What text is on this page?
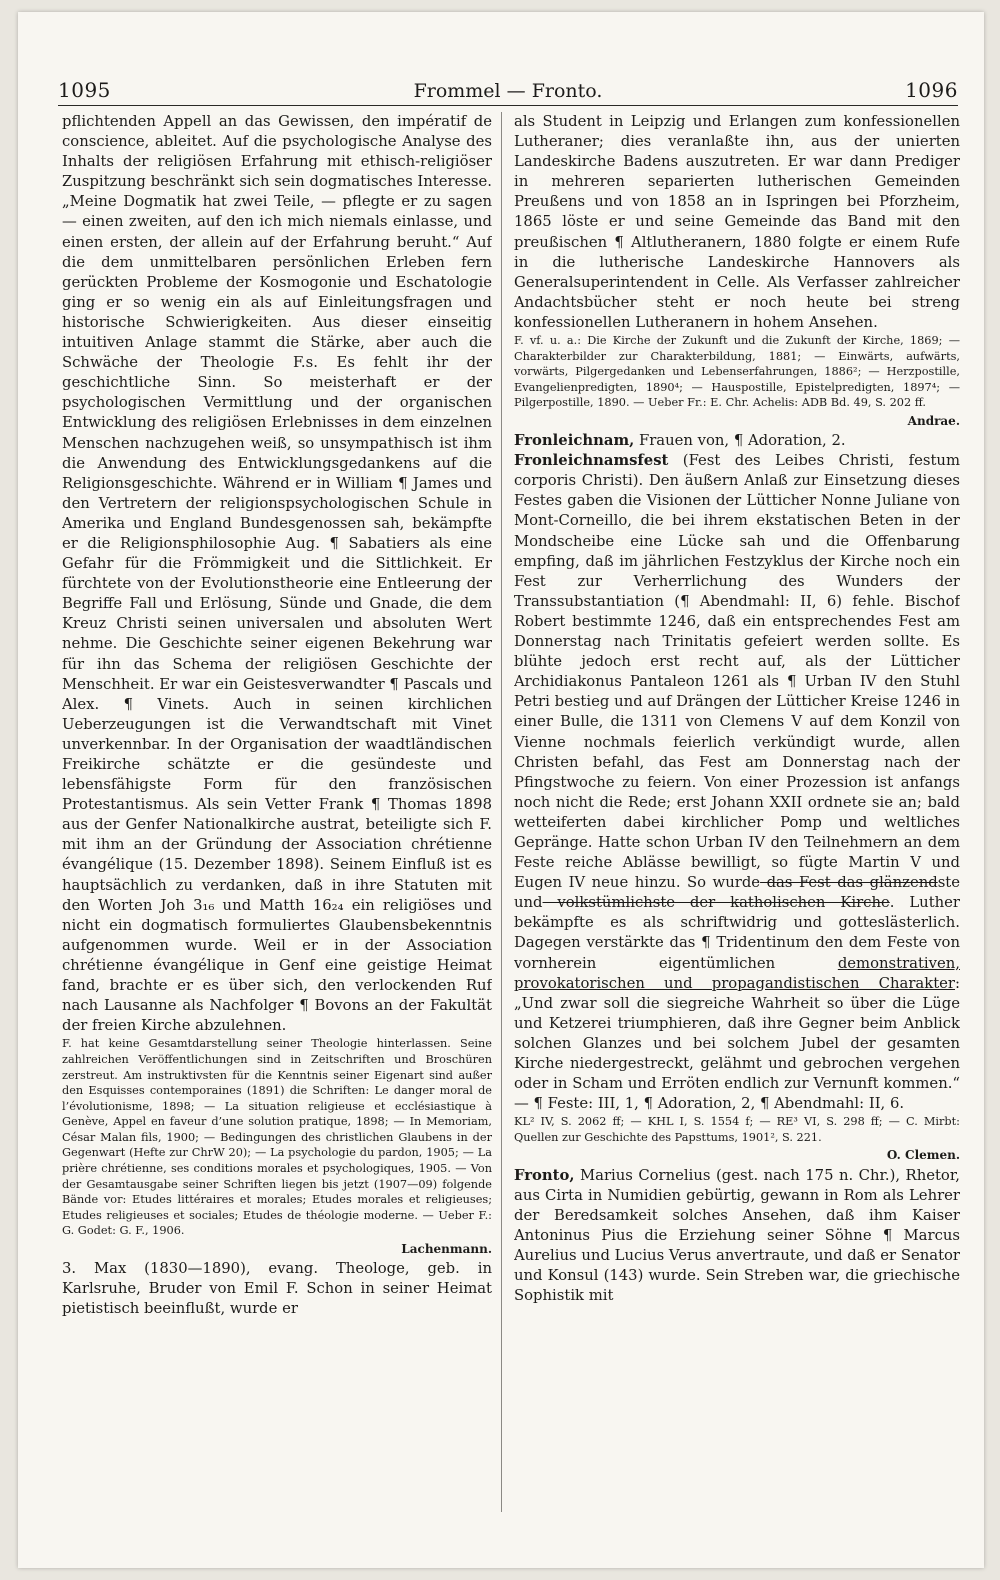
1095	Frommel — Fronto.	1096

pflichtenden Appell an das Gewissen, den impératif de conscience, ableitet. Auf die psychologische Analyse des Inhalts der religiösen Erfahrung mit ethisch-religiöser Zuspitzung beschränkt sich sein dogmatisches Interesse. „Meine Dogmatik hat zwei Teile, — pflegte er zu sagen — einen zweiten, auf den ich mich niemals einlasse, und einen ersten, der allein auf der Erfahrung beruht.“ Auf die dem unmittelbaren persönlichen Erleben fern gerückten Probleme der Kosmogonie und Eschatologie ging er so wenig ein als auf Einleitungsfragen und historische Schwierigkeiten. Aus dieser einseitig intuitiven Anlage stammt die Stärke, aber auch die Schwäche der Theologie F.s. Es fehlt ihr der geschichtliche Sinn. So meisterhaft er der psychologischen Vermittlung und der organischen Entwicklung des religiösen Erlebnisses in dem einzelnen Menschen nachzugehen weiß, so unsympathisch ist ihm die Anwendung des Entwicklungsgedankens auf die Religionsgeschichte. Während er in William ¶ James und den Vertretern der religionspsychologischen Schule in Amerika und England Bundesgenossen sah, bekämpfte er die Religionsphilosophie Aug. ¶ Sabatiers als eine Gefahr für die Frömmigkeit und die Sittlichkeit. Er fürchtete von der Evolutionstheorie eine Entleerung der Begriffe Fall und Erlösung, Sünde und Gnade, die dem Kreuz Christi seinen universalen und absoluten Wert nehme. Die Geschichte seiner eigenen Bekehrung war für ihn das Schema der religiösen Geschichte der Menschheit. Er war ein Geistesverwandter ¶ Pascals und Alex. ¶ Vinets. Auch in seinen kirchlichen Ueberzeugungen ist die Verwandtschaft mit Vinet unverkennbar. In der Organisation der waadtländischen Freikirche schätzte er die gesündeste und lebensfähigste Form für den französischen Protestantismus. Als sein Vetter Frank ¶ Thomas 1898 aus der Genfer Nationalkirche austrat, beteiligte sich F. mit ihm an der Gründung der Association chrétienne évangélique (15. Dezember 1898). Seinem Einfluß ist es hauptsächlich zu verdanken, daß in ihre Statuten mit den Worten Joh 3₁₆ und Matth 16₂₄ ein religiöses und nicht ein dogmatisch formuliertes Glaubensbekenntnis aufgenommen wurde. Weil er in der Association chrétienne évangélique in Genf eine geistige Heimat fand, brachte er es über sich, den verlockenden Ruf nach Lausanne als Nachfolger ¶ Bovons an der Fakultät der freien Kirche abzulehnen.

F. hat keine Gesamtdarstellung seiner Theologie hinterlassen. Seine zahlreichen Veröffentlichungen sind in Zeitschriften und Broschüren zerstreut. Am instruktivsten für die Kenntnis seiner Eigenart sind außer den Esquisses contemporaines (1891) die Schriften: Le danger moral de l’évolutionisme, 1898; — La situation religieuse et ecclésiastique à Genève, Appel en faveur d’une solution pratique, 1898; — In Memoriam, César Malan fils, 1900; — Bedingungen des christlichen Glaubens in der Gegenwart (Hefte zur ChrW 20); — La psychologie du pardon, 1905; — La prière chrétienne, ses conditions morales et psychologiques, 1905. — Von der Gesamtausgabe seiner Schriften liegen bis jetzt (1907—09) folgende Bände vor: Etudes littéraires et morales; Etudes morales et religieuses; Etudes religieuses et sociales; Etudes de théologie moderne. — Ueber F.: G. Godet: G. F., 1906.

Lachenmann.

3. Max (1830—1890), evang. Theologe, geb. in Karlsruhe, Bruder von Emil F. Schon in seiner Heimat pietistisch beeinflußt, wurde er

als Student in Leipzig und Erlangen zum konfessionellen Lutheraner; dies veranlaßte ihn, aus der unierten Landeskirche Badens auszutreten. Er war dann Prediger in mehreren separierten lutherischen Gemeinden Preußens und von 1858 an in Ispringen bei Pforzheim, 1865 löste er und seine Gemeinde das Band mit den preußischen ¶ Altlutheranern, 1880 folgte er einem Rufe in die lutherische Landeskirche Hannovers als Generalsuperintendent in Celle. Als Verfasser zahlreicher Andachtsbücher steht er noch heute bei streng konfessionellen Lutheranern in hohem Ansehen.

F. vf. u. a.: Die Kirche der Zukunft und die Zukunft der Kirche, 1869; — Charakterbilder zur Charakterbildung, 1881; — Einwärts, aufwärts, vorwärts, Pilgergedanken und Lebenserfahrungen, 1886²; — Herzpostille, Evangelienpredigten, 1890⁴; — Hauspostille, Epistelpredigten, 1897⁴; — Pilgerpostille, 1890. — Ueber Fr.: E. Chr. Achelis: ADB Bd. 49, S. 202 ff.

Andrae.

Fronleichnam, Frauen von, ¶ Adoration, 2.

Fronleichnamsfest (Fest des Leibes Christi, festum corporis Christi). Den äußern Anlaß zur Einsetzung dieses Festes gaben die Visionen der Lütticher Nonne Juliane von Mont-Corneillo, die bei ihrem ekstatischen Beten in der Mondscheibe eine Lücke sah und die Offenbarung empfing, daß im jährlichen Festzyklus der Kirche noch ein Fest zur Verherrlichung des Wunders der Transsubstantiation (¶ Abendmahl: II, 6) fehle. Bischof Robert bestimmte 1246, daß ein entsprechendes Fest am Donnerstag nach Trinitatis gefeiert werden sollte. Es blühte jedoch erst recht auf, als der Lütticher Archidiakonus Pantaleon 1261 als ¶ Urban IV den Stuhl Petri bestieg und auf Drängen der Lütticher Kreise 1246 in einer Bulle, die 1311 von Clemens V auf dem Konzil von Vienne nochmals feierlich verkündigt wurde, allen Christen befahl, das Fest am Donnerstag nach der Pfingstwoche zu feiern. Von einer Prozession ist anfangs noch nicht die Rede; erst Johann XXII ordnete sie an; bald wetteiferten dabei kirchlicher Pomp und weltliches Gepränge. Hatte schon Urban IV den Teilnehmern an dem Feste reiche Ablässe bewilligt, so fügte Martin V und Eugen IV neue hinzu. So wurde das Fest das glänzendste und volkstümlichste der katholischen Kirche. Luther bekämpfte es als schriftwidrig und gotteslästerlich. Dagegen verstärkte das ¶ Tridentinum den dem Feste von vornherein eigentümlichen demonstrativen, provokatorischen und propagandistischen Charakter: „Und zwar soll die siegreiche Wahrheit so über die Lüge und Ketzerei triumphieren, daß ihre Gegner beim Anblick solchen Glanzes und bei solchem Jubel der gesamten Kirche niedergestreckt, gelähmt und gebrochen vergehen oder in Scham und Erröten endlich zur Vernunft kommen.“ — ¶ Feste: III, 1, ¶ Adoration, 2, ¶ Abendmahl: II, 6.

KL² IV, S. 2062 ff; — KHL I, S. 1554 f; — RE³ VI, S. 298 ff; — C. Mirbt: Quellen zur Geschichte des Papsttums, 1901², S. 221.

O. Clemen.

Fronto, Marius Cornelius (gest. nach 175 n. Chr.), Rhetor, aus Cirta in Numidien gebürtig, gewann in Rom als Lehrer der Beredsamkeit solches Ansehen, daß ihm Kaiser Antoninus Pius die Erziehung seiner Söhne ¶ Marcus Aurelius und Lucius Verus anvertraute, und daß er Senator und Konsul (143) wurde. Sein Streben war, die griechische Sophistik mit
